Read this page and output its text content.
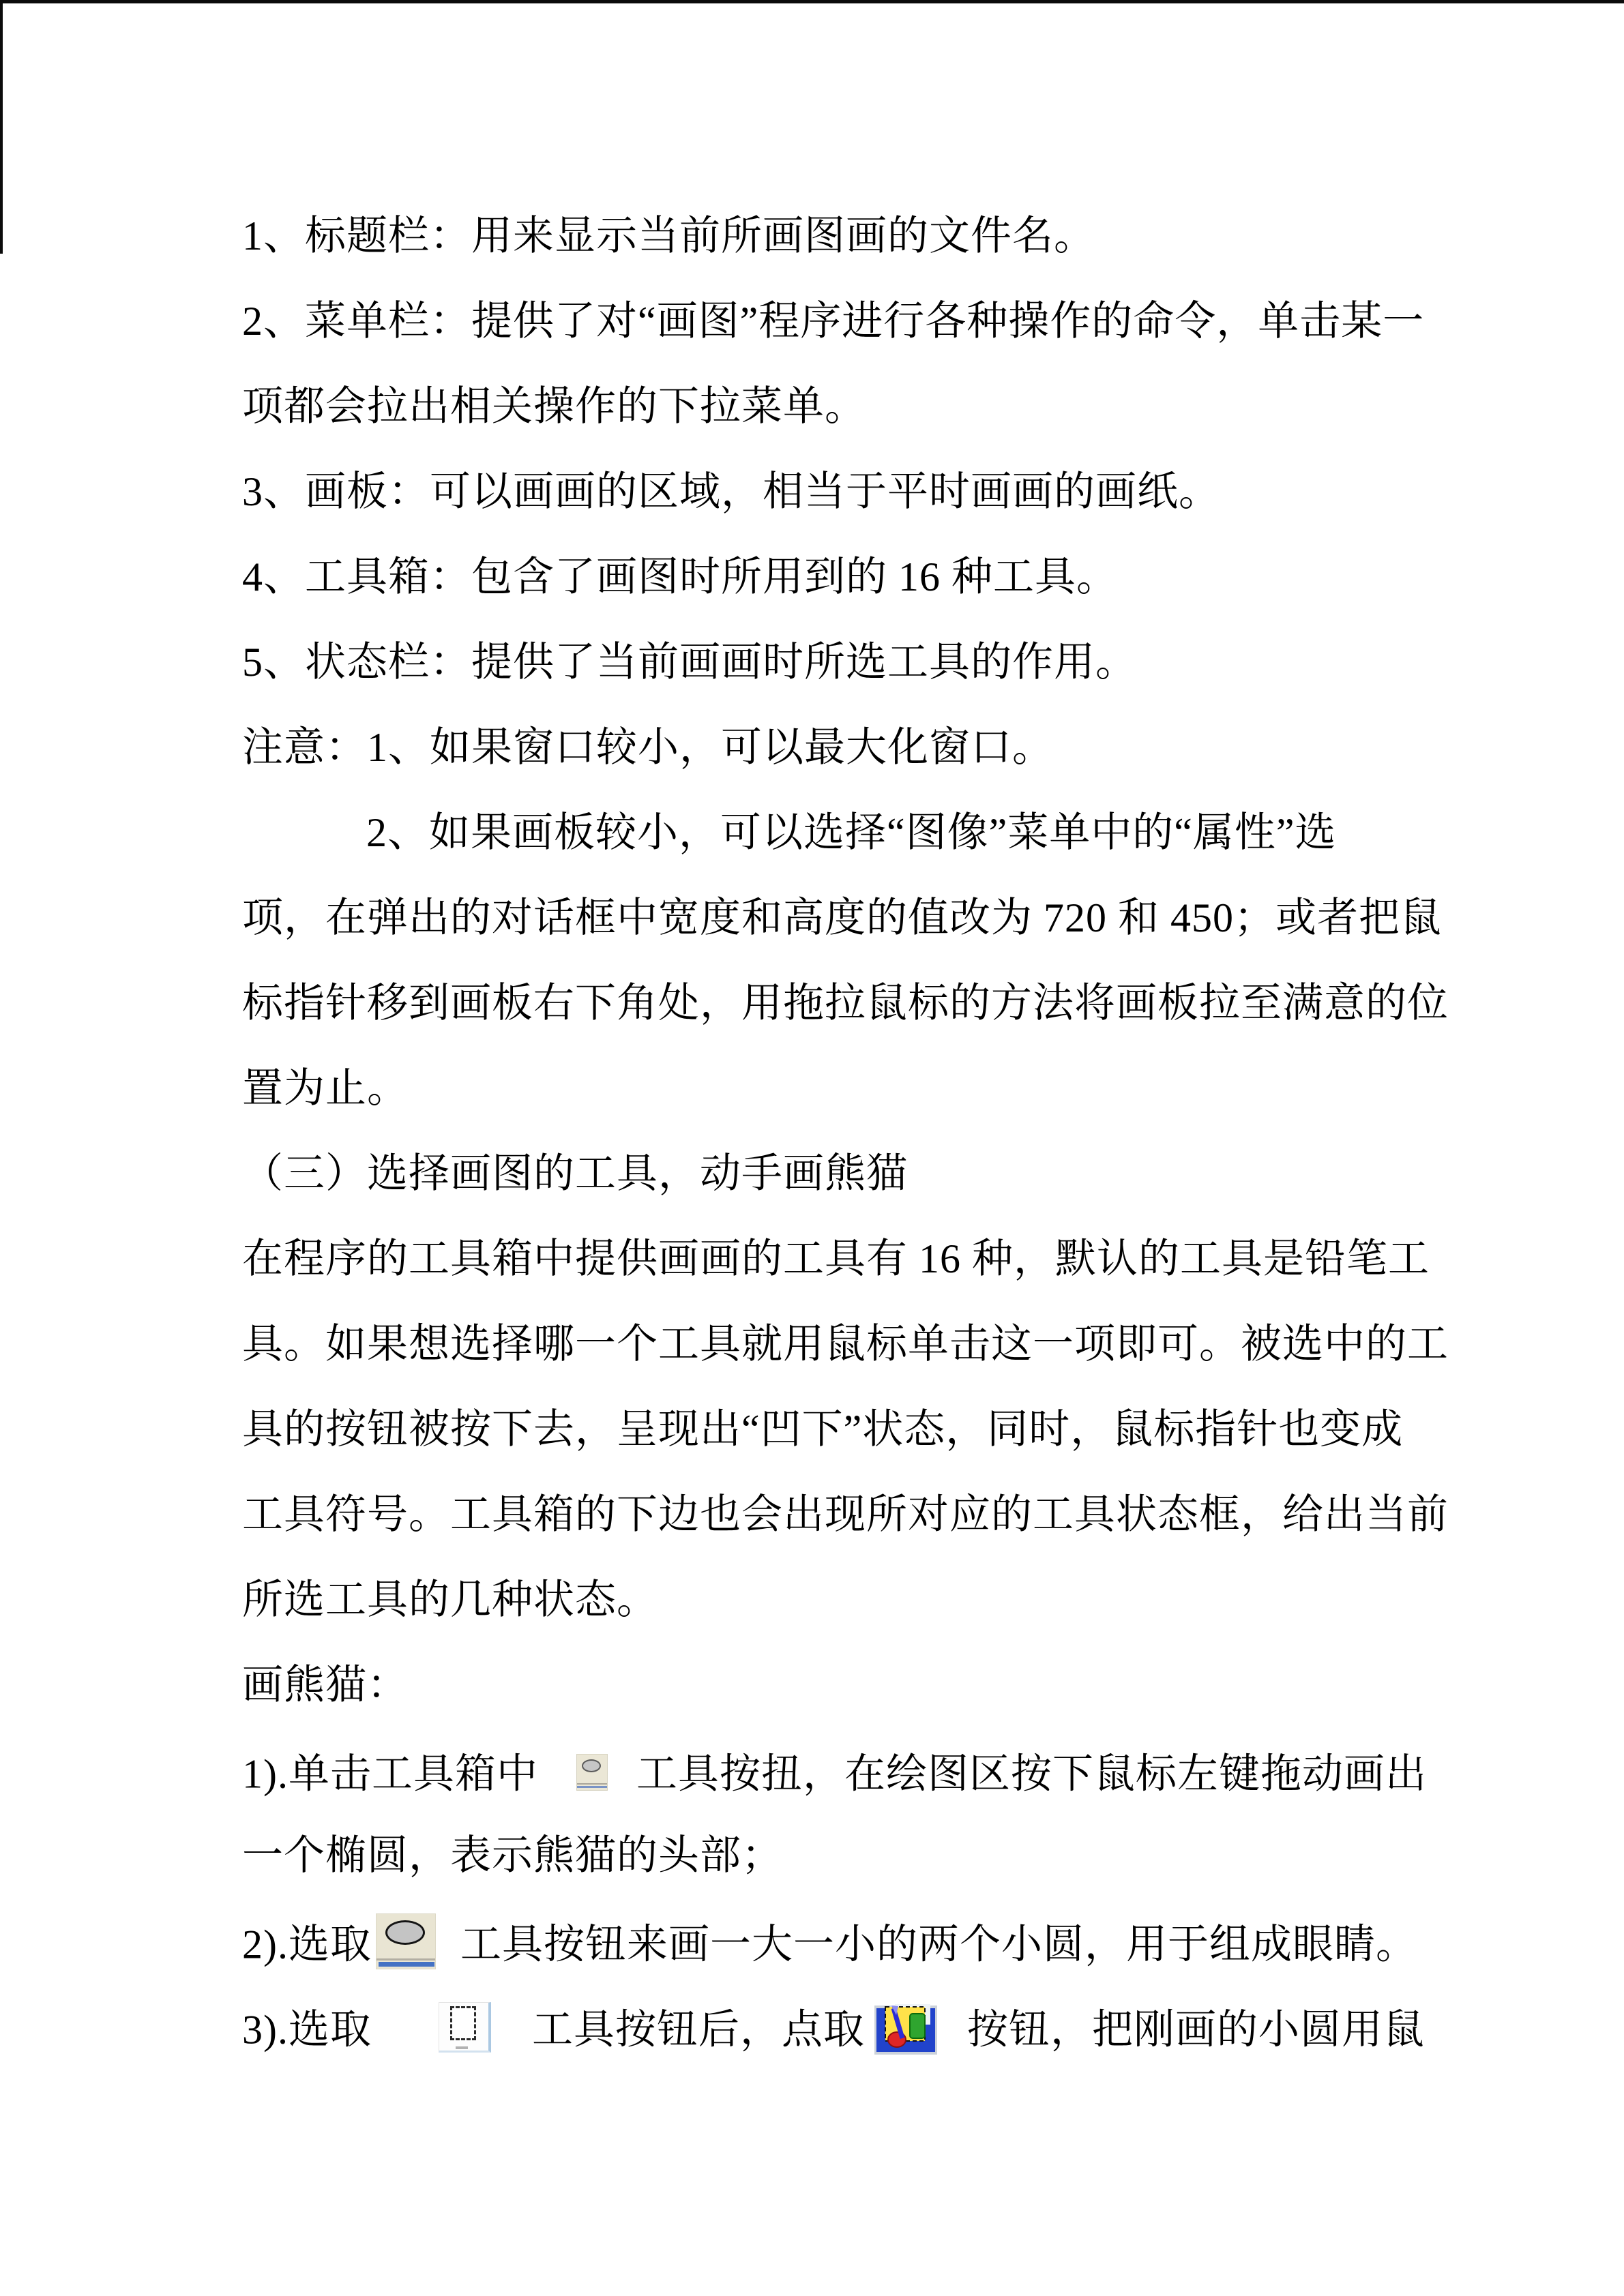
1、标题栏：用来显示当前所画图画的文件名。
2、菜单栏：提供了对“画图”程序进行各种操作的命令，单击某一
项都会拉出相关操作的下拉菜单。
3、画板：可以画画的区域，相当于平时画画的画纸。
4、工具箱：包含了画图时所用到的 16 种工具。
5、状态栏：提供了当前画画时所选工具的作用。
注意：1、如果窗口较小，可以最大化窗口。
2、如果画板较小，可以选择“图像”菜单中的“属性”选
项，在弹出的对话框中宽度和高度的值改为 720 和 450；或者把鼠
标指针移到画板右下角处，用拖拉鼠标的方法将画板拉至满意的位
置为止。
（三）选择画图的工具，动手画熊猫
在程序的工具箱中提供画画的工具有 16 种，默认的工具是铅笔工
具。如果想选择哪一个工具就用鼠标单击这一项即可。被选中的工
具的按钮被按下去，呈现出“凹下”状态，同时，鼠标指针也变成
工具符号。工具箱的下边也会出现所对应的工具状态框，给出当前
所选工具的几种状态。
画熊猫：
1).单击工具箱中 工具按扭，在绘图区按下鼠标左键拖动画出
一个椭圆，表示熊猫的头部；
2).选取 工具按钮来画一大一小的两个小圆，用于组成眼睛。
3).选取	工具按钮后，点取	按钮，把刚画的小圆用鼠
